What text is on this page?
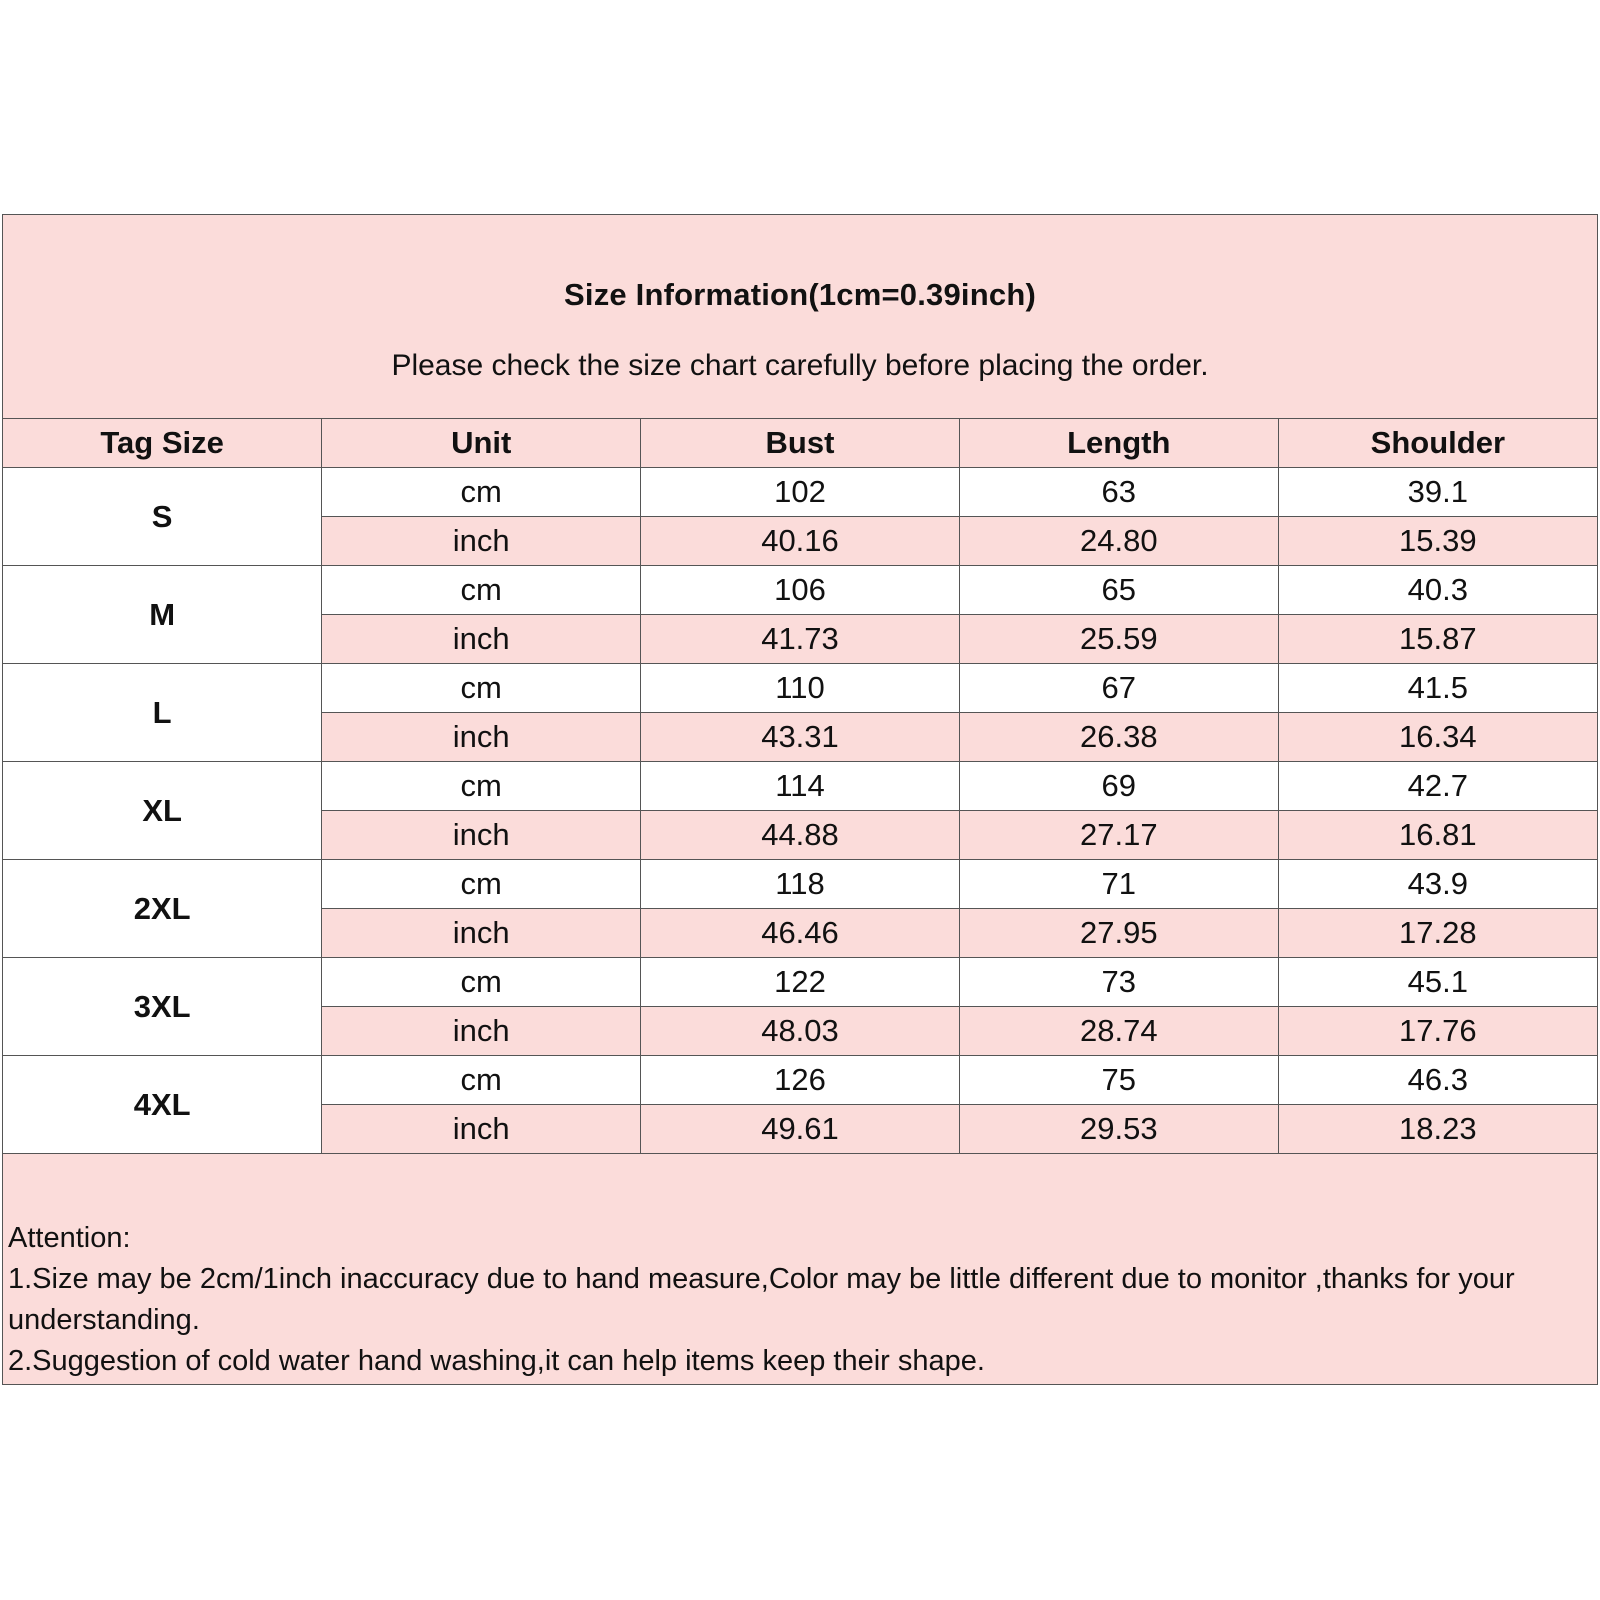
Size Information(1cm=0.39inch)
Please check the size chart carefully before placing the order.
Tag Size	Unit	Bust	Length	Shoulder
S	cm	102	63	39.1
	inch	40.16	24.80	15.39
M	cm	106	65	40.3
	inch	41.73	25.59	15.87
L	cm	110	67	41.5
	inch	43.31	26.38	16.34
XL	cm	114	69	42.7
	inch	44.88	27.17	16.81
2XL	cm	118	71	43.9
	inch	46.46	27.95	17.28
3XL	cm	122	73	45.1
	inch	48.03	28.74	17.76
4XL	cm	126	75	46.3
	inch	49.61	29.53	18.23
Attention:
1.Size may be 2cm/1inch inaccuracy due to hand measure,Color may be little different due to monitor ,thanks for your understanding.
2.Suggestion of cold water hand washing,it can help items keep their shape.
